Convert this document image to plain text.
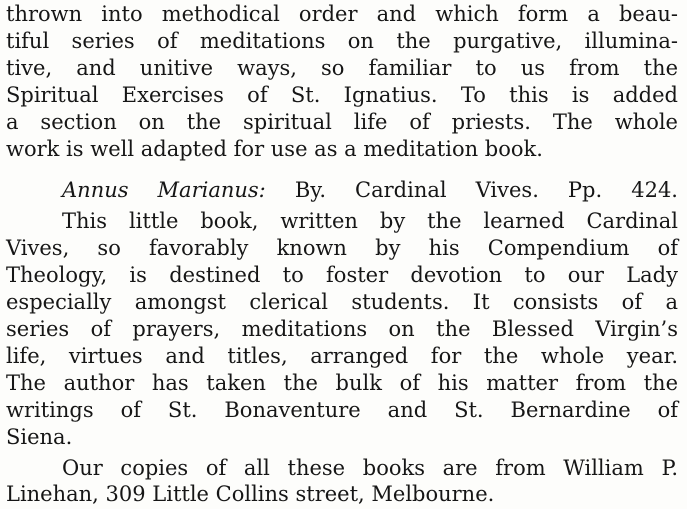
thrown into methodical order and which form a beau-
tiful series of meditations on the purgative, illumina-
tive, and unitive ways, so familiar to us from the
Spiritual Exercises of St. Ignatius. To this is added
a section on the spiritual life of priests. The whole
work is well adapted for use as a meditation book.
Annus Marianus: By. Cardinal Vives. Pp. 424.
This little book, written by the learned Cardinal
Vives, so favorably known by his Compendium of
Theology, is destined to foster devotion to our Lady
especially amongst clerical students. It consists of a
series of prayers, meditations on the Blessed Virgin’s
life, virtues and titles, arranged for the whole year.
The author has taken the bulk of his matter from the
writings of St. Bonaventure and St. Bernardine of
Siena.
Our copies of all these books are from William P.
Linehan, 309 Little Collins street, Melbourne.
